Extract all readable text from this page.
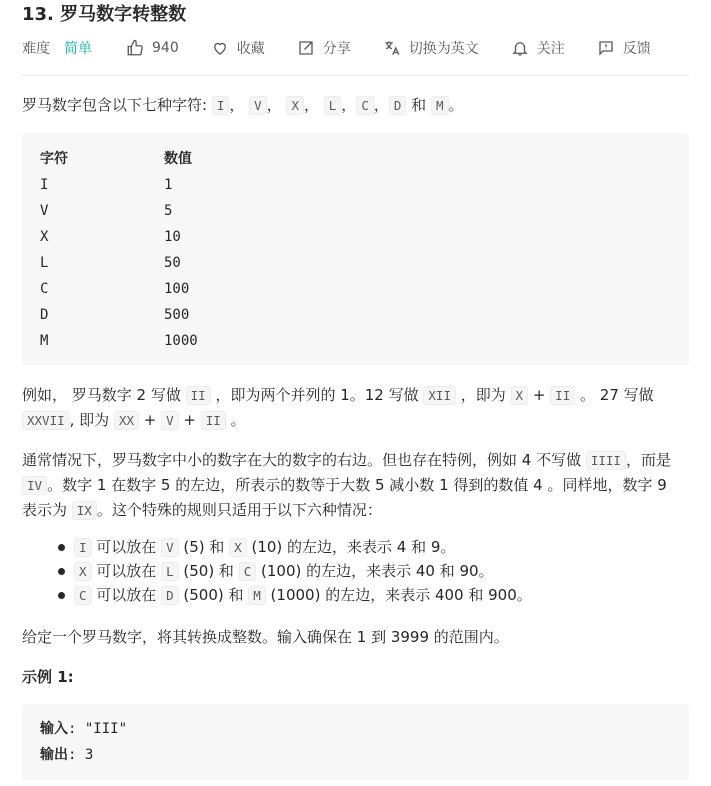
13. 罗马数字转整数
难度 简单	940	收藏	分享	切换为英文	关注	反馈
罗马数字包含以下七种字符: I ， V ， X ， L ， C ， D 和 M 。
字符	数值
I	1
V	5
X	10
L	50
C	100
D	500
M	1000
例如， 罗马数字 2 写做 II ，即为两个并列的 1。12 写做 XII ，即为 X + II 。 27 写做 XXVII , 即为 XX + V + II 。
通常情况下，罗马数字中小的数字在大的数字的右边。但也存在特例，例如 4 不写做 IIII ，而是 IV 。数字 1 在数字 5 的左边，所表示的数等于大数 5 减小数 1 得到的数值 4 。同样地，数字 9 表示为 IX 。这个特殊的规则只适用于以下六种情况：
I 可以放在 V (5) 和 X (10) 的左边，来表示 4 和 9。
X 可以放在 L (50) 和 C (100) 的左边，来表示 40 和 90。
C 可以放在 D (500) 和 M (1000) 的左边，来表示 400 和 900。
给定一个罗马数字，将其转换成整数。输入确保在 1 到 3999 的范围内。
示例 1:
输入: "III"
输出: 3
